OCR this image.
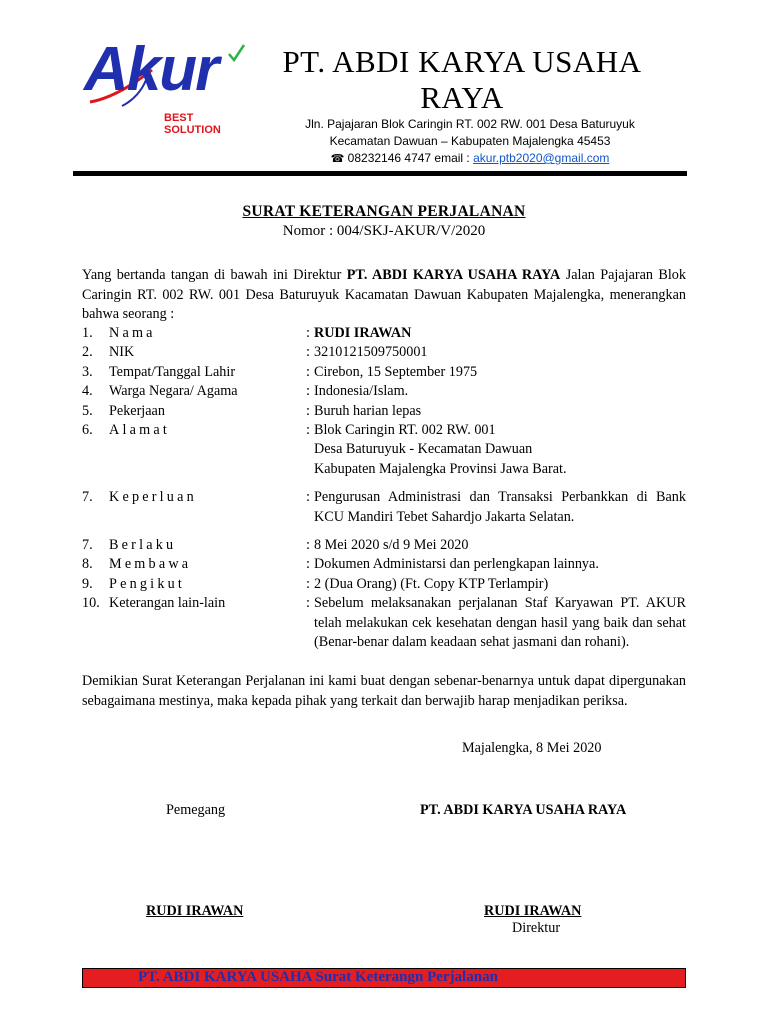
Akur
BEST SOLUTION
PT. ABDI KARYA USAHA
RAYA
Jln. Pajajaran Blok Caringin RT. 002 RW. 001 Desa Baturuyuk
Kecamatan Dawuan – Kabupaten Majalengka 45453
☎ 08232146 4747 email : akur.ptb2020@gmail.com
SURAT KETERANGAN PERJALANAN
Nomor : 004/SKJ-AKUR/V/2020
Yang bertanda tangan di bawah ini Direktur PT. ABDI KARYA USAHA RAYA Jalan Pajajaran Blok Caringin RT. 002 RW. 001 Desa Baturuyuk Kacamatan Dawuan Kabupaten Majalengka, menerangkan bahwa seorang :
1.	Nama	: RUDI IRAWAN
2.	NIK	: 3210121509750001
3.	Tempat/Tanggal Lahir	: Cirebon, 15 September 1975
4.	Warga Negara/ Agama	: Indonesia/Islam.
5.	Pekerjaan	: Buruh harian lepas
6.	Alamat	: Blok Caringin RT. 002 RW. 001
Desa Baturuyuk - Kecamatan Dawuan
Kabupaten Majalengka Provinsi Jawa Barat.
7.	Keperluan	: Pengurusan Administrasi dan Transaksi Perbankkan di Bank KCU Mandiri Tebet Sahardjo Jakarta Selatan.
7.	Berlaku	: 8 Mei 2020 s/d 9 Mei 2020
8.	Membawa	: Dokumen Administarsi dan perlengkapan lainnya.
9.	Pengikut	: 2 (Dua Orang) (Ft. Copy KTP Terlampir)
10. Keterangan lain-lain	: Sebelum melaksanakan perjalanan Staf Karyawan PT. AKUR telah melakukan cek kesehatan dengan hasil yang baik dan sehat (Benar-benar dalam keadaan sehat jasmani dan rohani).
Demikian Surat Keterangan Perjalanan ini kami buat dengan sebenar-benarnya untuk dapat dipergunakan sebagaimana mestinya, maka kepada pihak yang terkait dan berwajib harap menjadikan periksa.
Majalengka, 8 Mei 2020
Pemegang	PT. ABDI KARYA USAHA RAYA
RUDI IRAWAN	RUDI IRAWAN
Direktur
PT. ABDI KARYA USAHA Surat Keterangn Perjalanan
